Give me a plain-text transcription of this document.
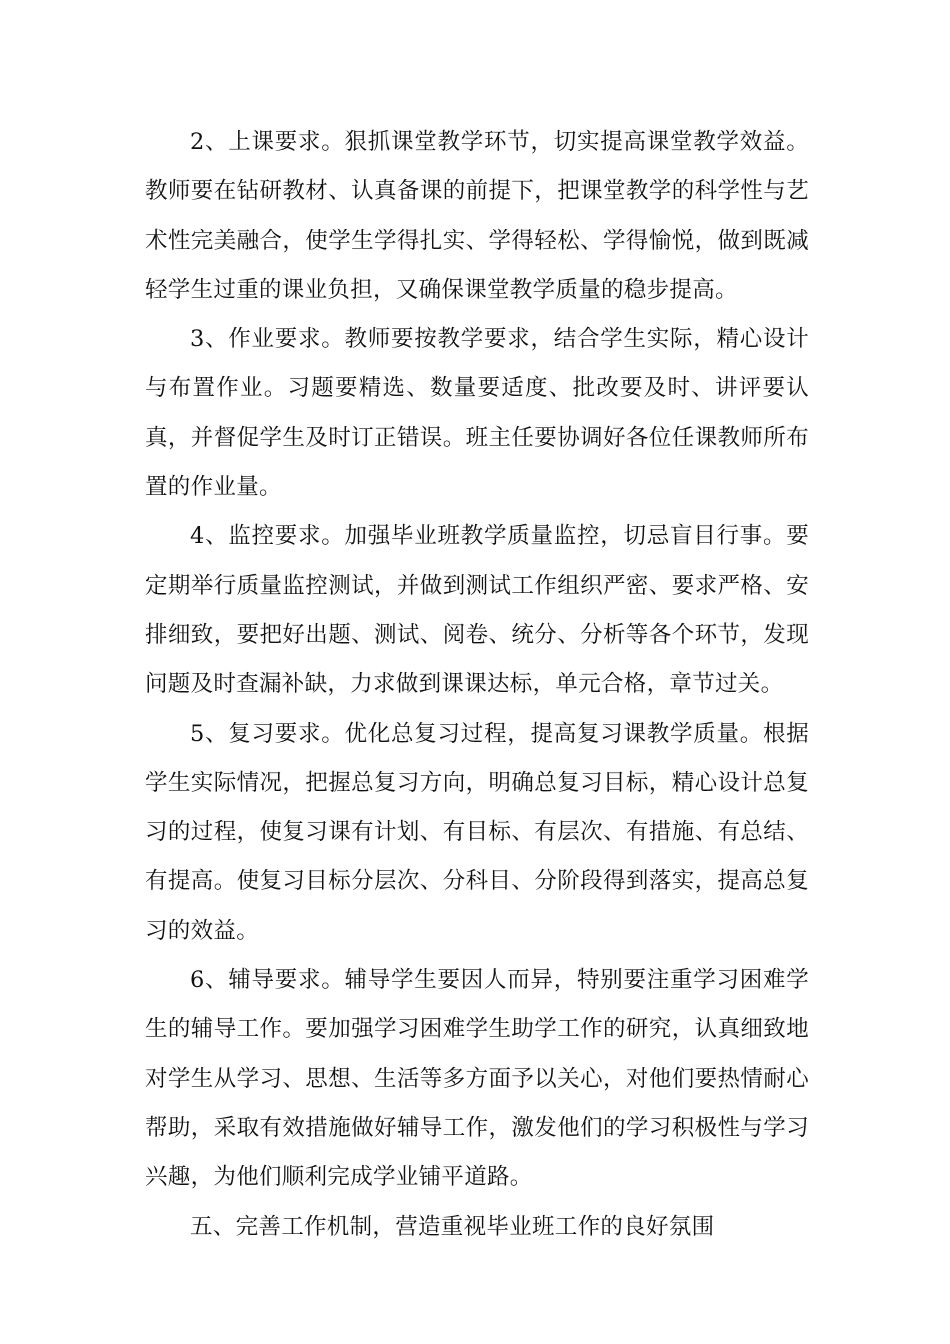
2、上课要求。狠抓课堂教学环节，切实提高课堂教学效益。教师要在钻研教材、认真备课的前提下，把课堂教学的科学性与艺术性完美融合，使学生学得扎实、学得轻松、学得愉悦，做到既减轻学生过重的课业负担，又确保课堂教学质量的稳步提高。

3、作业要求。教师要按教学要求，结合学生实际，精心设计与布置作业。习题要精选、数量要适度、批改要及时、讲评要认真，并督促学生及时订正错误。班主任要协调好各位任课教师所布置的作业量。

4、监控要求。加强毕业班教学质量监控，切忌盲目行事。要定期举行质量监控测试，并做到测试工作组织严密、要求严格、安排细致，要把好出题、测试、阅卷、统分、分析等各个环节，发现问题及时查漏补缺，力求做到课课达标，单元合格，章节过关。

5、复习要求。优化总复习过程，提高复习课教学质量。根据学生实际情况，把握总复习方向，明确总复习目标，精心设计总复习的过程，使复习课有计划、有目标、有层次、有措施、有总结、有提高。使复习目标分层次、分科目、分阶段得到落实，提高总复习的效益。

6、辅导要求。辅导学生要因人而异，特别要注重学习困难学生的辅导工作。要加强学习困难学生助学工作的研究，认真细致地对学生从学习、思想、生活等多方面予以关心，对他们要热情耐心帮助，采取有效措施做好辅导工作，激发他们的学习积极性与学习兴趣，为他们顺利完成学业铺平道路。

五、完善工作机制，营造重视毕业班工作的良好氛围
